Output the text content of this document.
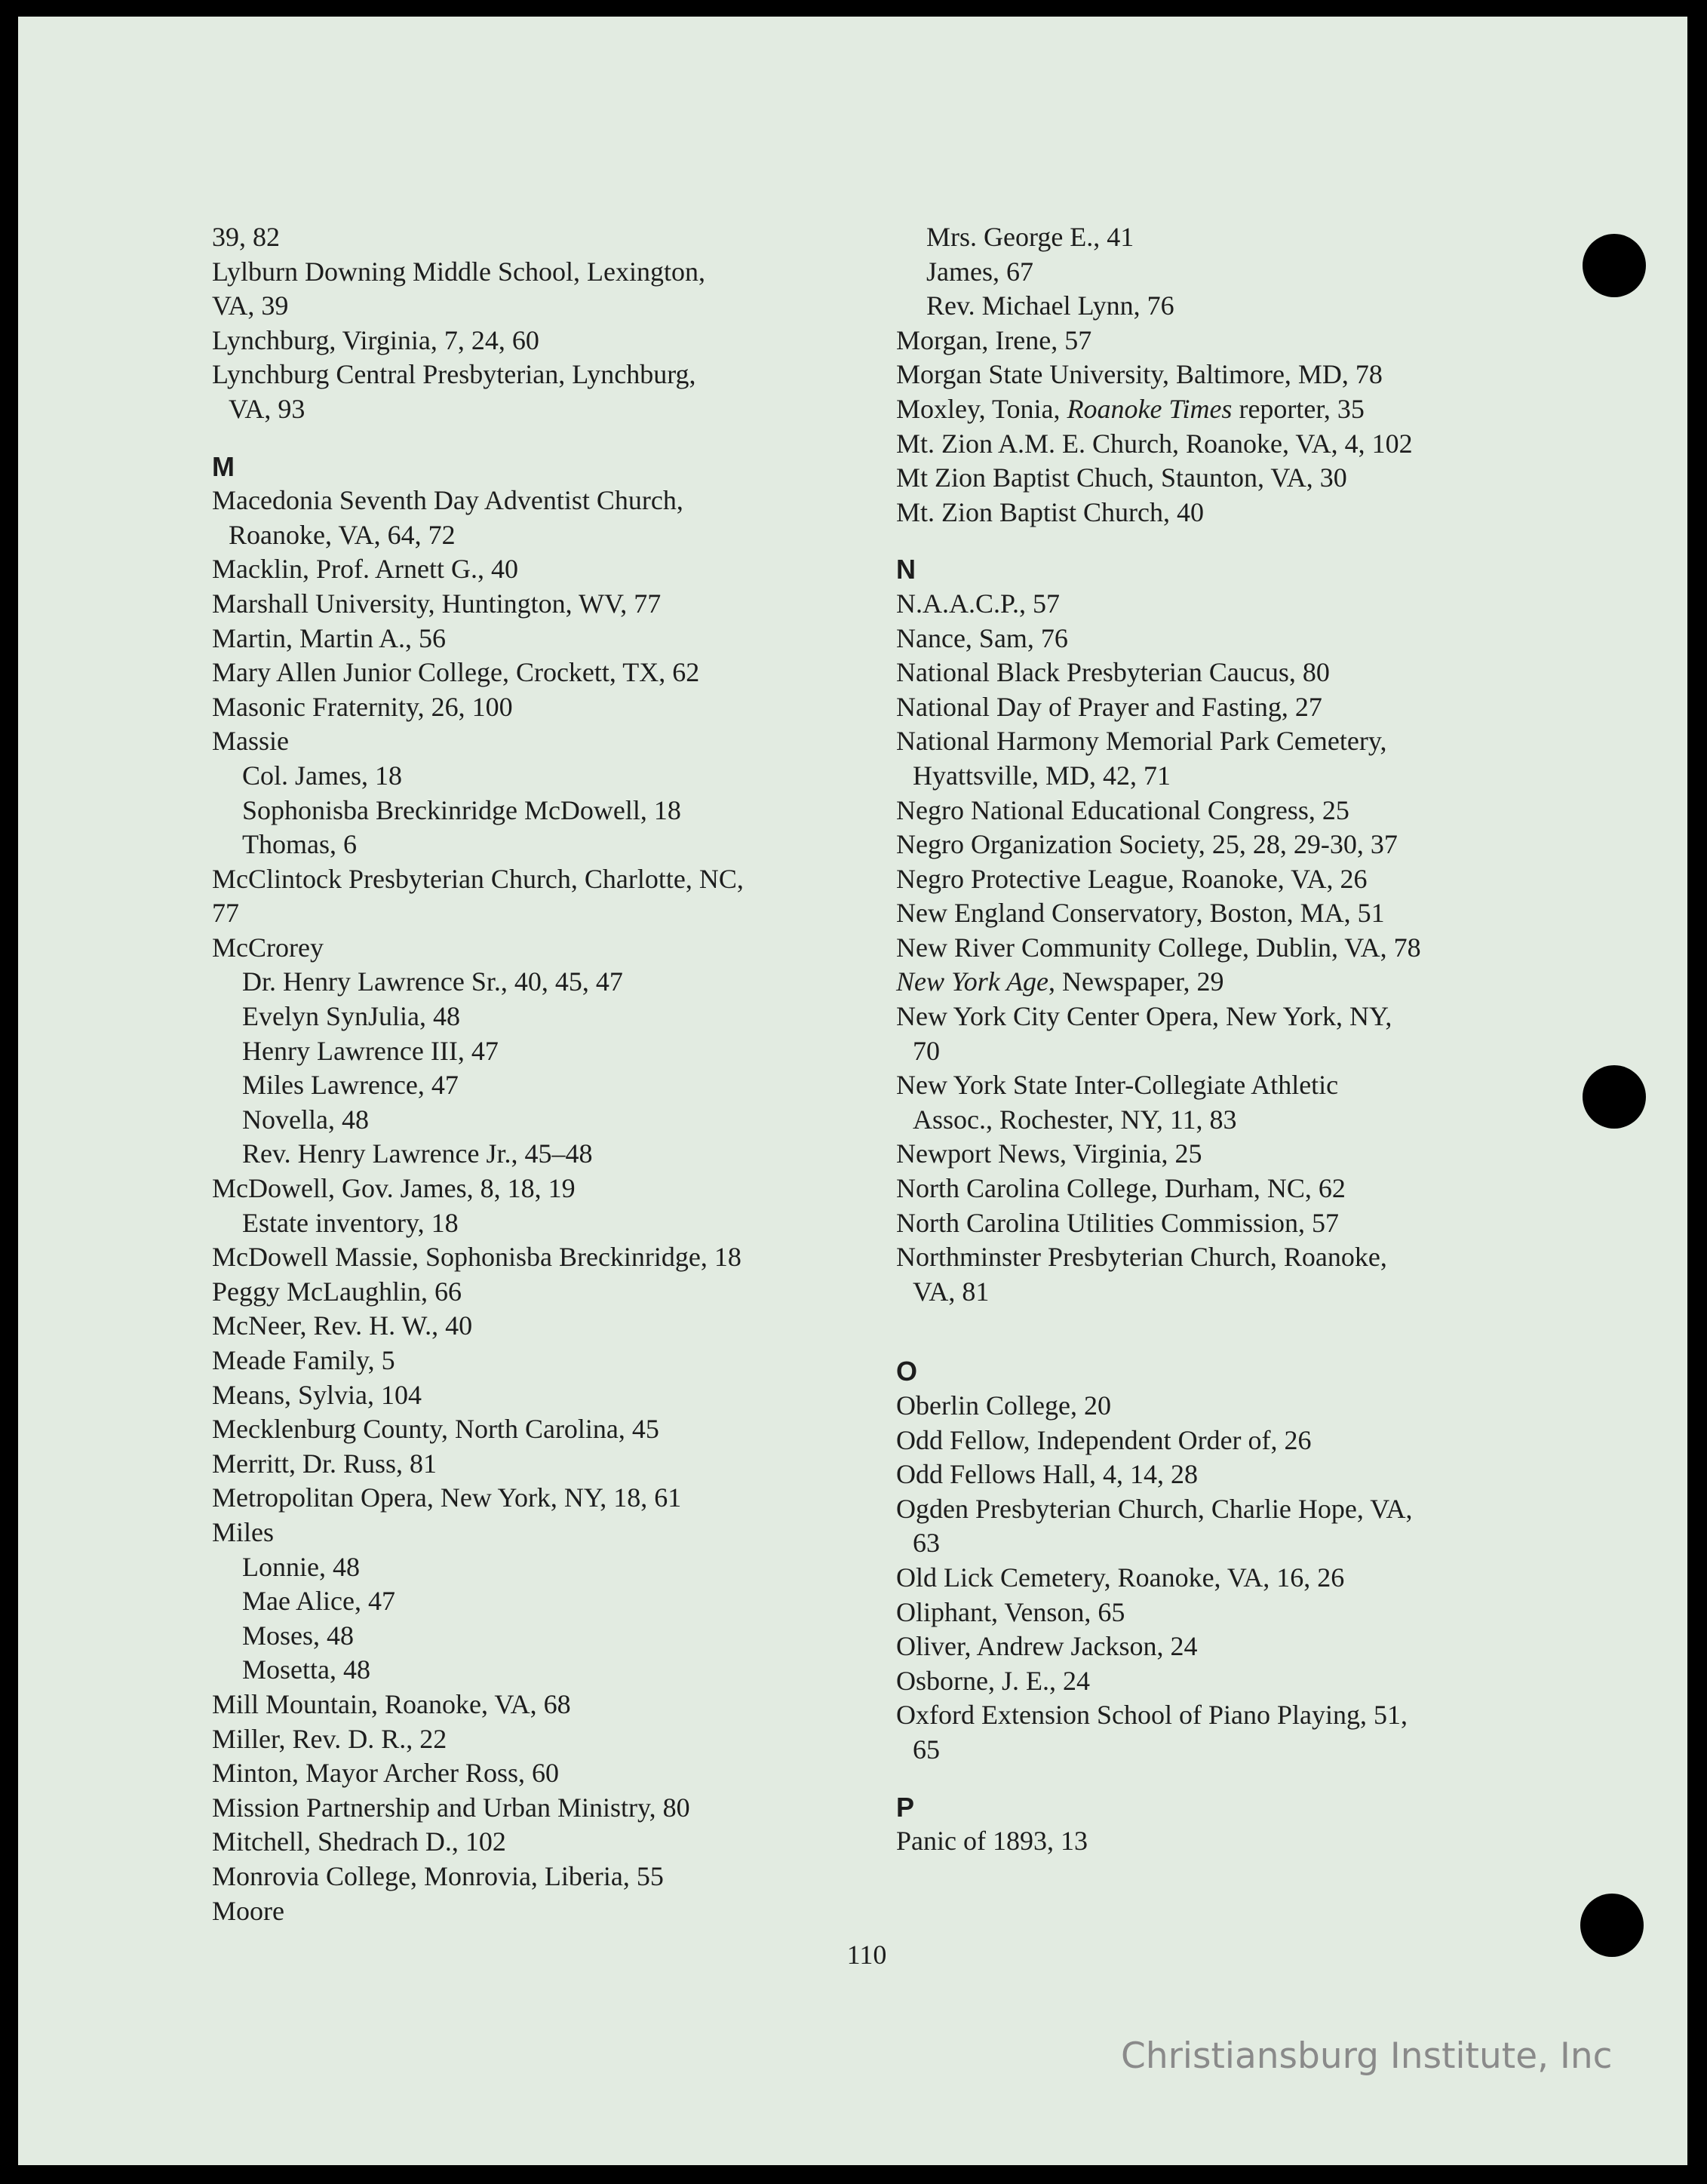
39, 82
Lylburn Downing Middle School, Lexington,
VA, 39
Lynchburg, Virginia, 7, 24, 60
Lynchburg Central Presbyterian, Lynchburg,
VA, 93
M
Macedonia Seventh Day Adventist Church,
Roanoke, VA, 64, 72
Macklin, Prof. Arnett G., 40
Marshall University, Huntington, WV, 77
Martin, Martin A., 56
Mary Allen Junior College, Crockett, TX, 62
Masonic Fraternity, 26, 100
Massie
Col. James, 18
Sophonisba Breckinridge McDowell, 18
Thomas, 6
McClintock Presbyterian Church, Charlotte, NC,
77
McCrorey
Dr. Henry Lawrence Sr., 40, 45, 47
Evelyn SynJulia, 48
Henry Lawrence III, 47
Miles Lawrence, 47
Novella, 48
Rev. Henry Lawrence Jr., 45–48
McDowell, Gov. James, 8, 18, 19
Estate inventory, 18
McDowell Massie, Sophonisba Breckinridge, 18
Peggy McLaughlin, 66
McNeer, Rev. H. W., 40
Meade Family, 5
Means, Sylvia, 104
Mecklenburg County, North Carolina, 45
Merritt, Dr. Russ, 81
Metropolitan Opera, New York, NY, 18, 61
Miles
Lonnie, 48
Mae Alice, 47
Moses, 48
Mosetta, 48
Mill Mountain, Roanoke, VA, 68
Miller, Rev. D. R., 22
Minton, Mayor Archer Ross, 60
Mission Partnership and Urban Ministry, 80
Mitchell, Shedrach D., 102
Monrovia College, Monrovia, Liberia, 55
Moore
Mrs. George E., 41
James, 67
Rev. Michael Lynn, 76
Morgan, Irene, 57
Morgan State University, Baltimore, MD, 78
Moxley, Tonia, Roanoke Times reporter, 35
Mt. Zion A.M. E. Church, Roanoke, VA, 4, 102
Mt Zion Baptist Chuch, Staunton, VA, 30
Mt. Zion Baptist Church, 40
N
N.A.A.C.P., 57
Nance, Sam, 76
National Black Presbyterian Caucus, 80
National Day of Prayer and Fasting, 27
National Harmony Memorial Park Cemetery,
Hyattsville, MD, 42, 71
Negro National Educational Congress, 25
Negro Organization Society, 25, 28, 29-30, 37
Negro Protective League, Roanoke, VA, 26
New England Conservatory, Boston, MA, 51
New River Community College, Dublin, VA, 78
New York Age, Newspaper, 29
New York City Center Opera, New York, NY,
70
New York State Inter-Collegiate Athletic
Assoc., Rochester, NY, 11, 83
Newport News, Virginia, 25
North Carolina College, Durham, NC, 62
North Carolina Utilities Commission, 57
Northminster Presbyterian Church, Roanoke,
VA, 81
O
Oberlin College, 20
Odd Fellow, Independent Order of, 26
Odd Fellows Hall, 4, 14, 28
Ogden Presbyterian Church, Charlie Hope, VA,
63
Old Lick Cemetery, Roanoke, VA, 16, 26
Oliphant, Venson, 65
Oliver, Andrew Jackson, 24
Osborne, J. E., 24
Oxford Extension School of Piano Playing, 51,
65
P
Panic of 1893, 13
110
Christiansburg Institute, Inc
